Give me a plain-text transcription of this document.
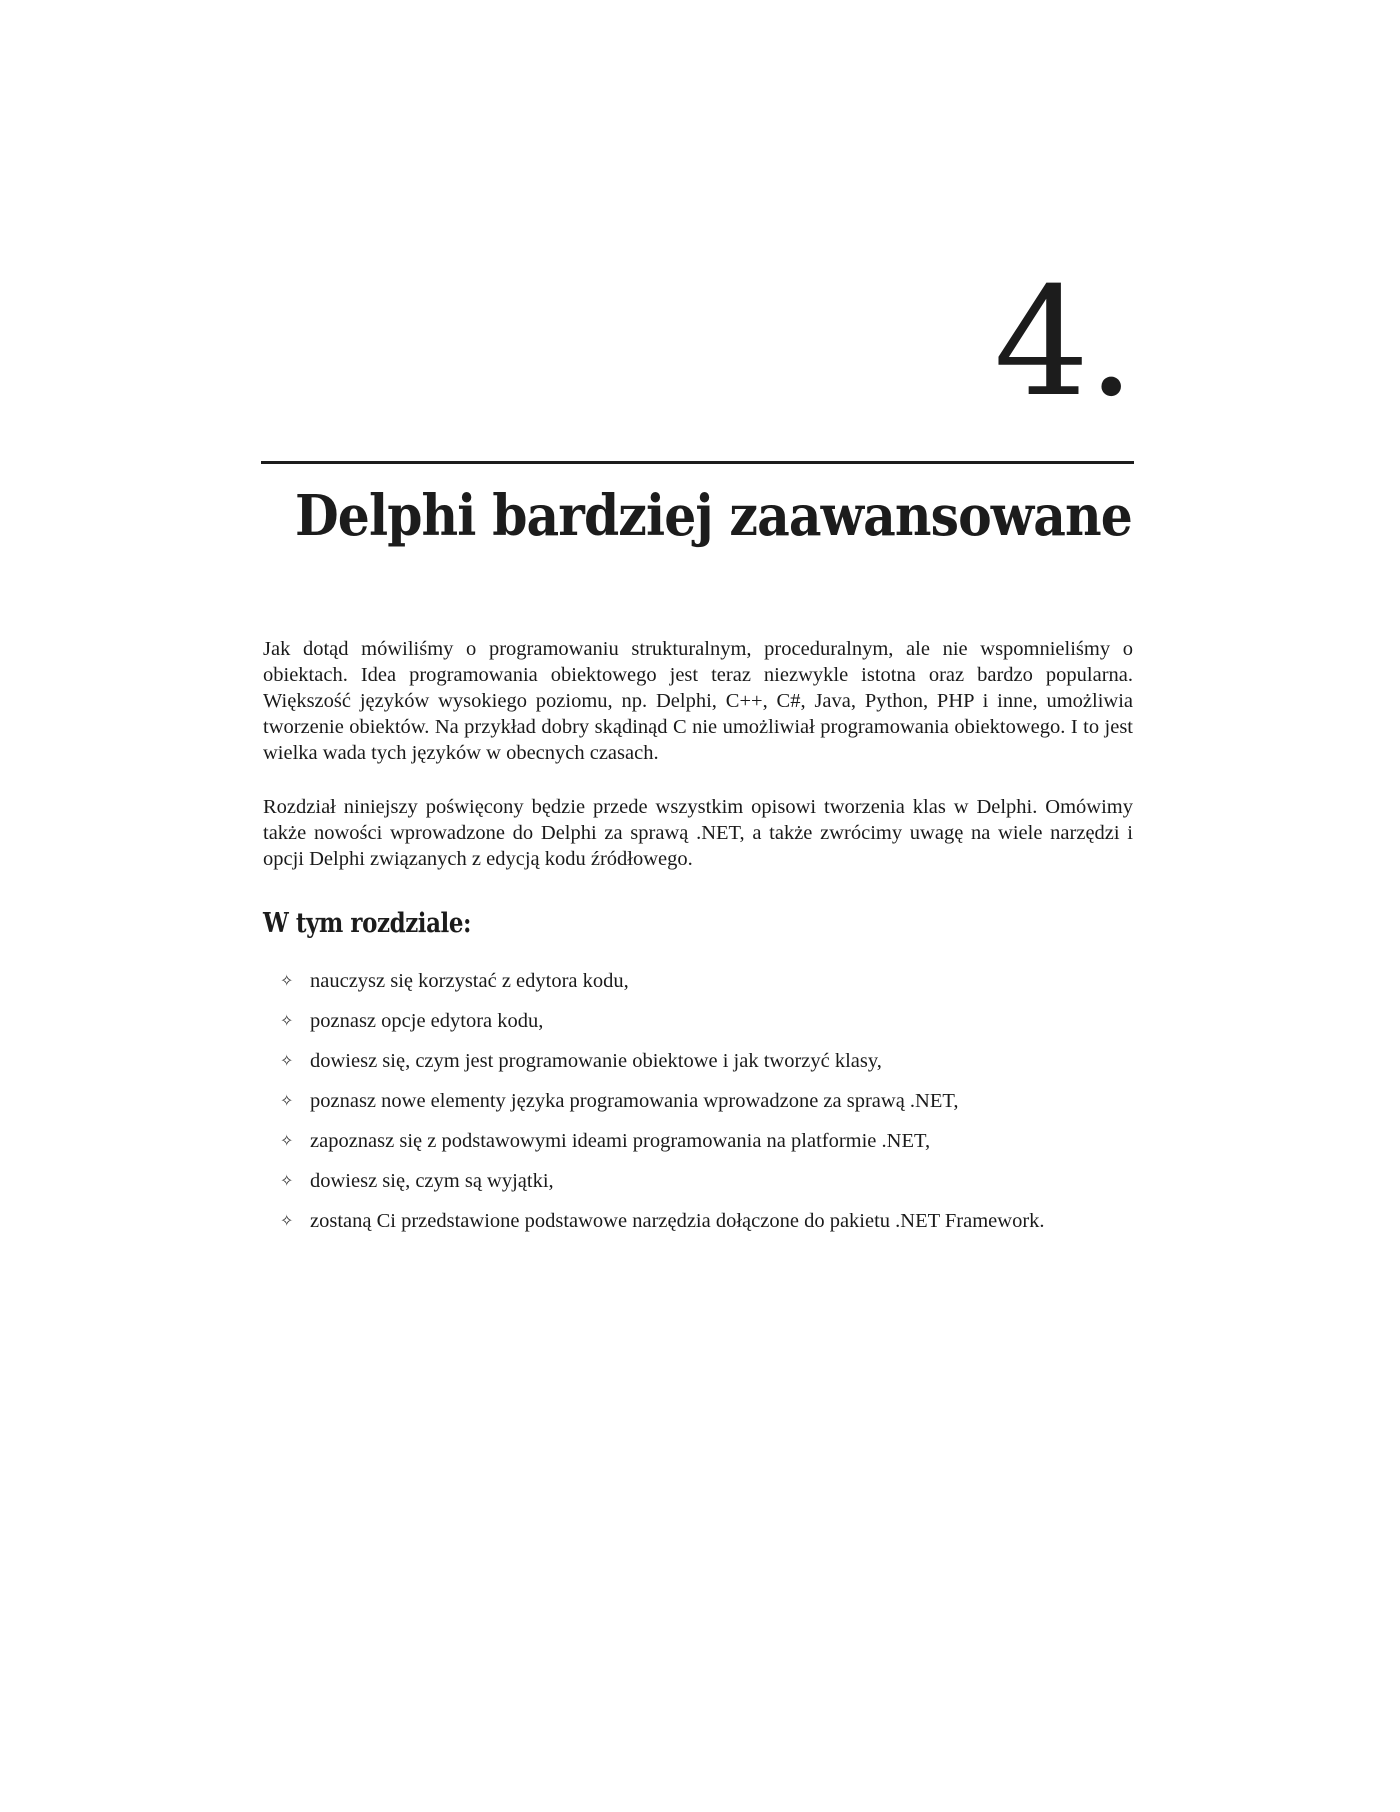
4.
Delphi bardziej zaawansowane

Jak dotąd mówiliśmy o programowaniu strukturalnym, proceduralnym, ale nie wspomnieliśmy o obiektach. Idea programowania obiektowego jest teraz niezwykle istotna oraz bardzo popularna. Większość języków wysokiego poziomu, np. Delphi, C++, C#, Java, Python, PHP i inne, umożliwia tworzenie obiektów. Na przykład dobry skądinąd C nie umożliwiał programowania obiektowego. I to jest wielka wada tych języków w obecnych czasach.

Rozdział niniejszy poświęcony będzie przede wszystkim opisowi tworzenia klas w Delphi. Omówimy także nowości wprowadzone do Delphi za sprawą .NET, a także zwrócimy uwagę na wiele narzędzi i opcji Delphi związanych z edycją kodu źródłowego.

W tym rozdziale:
✧ nauczysz się korzystać z edytora kodu,
✧ poznasz opcje edytora kodu,
✧ dowiesz się, czym jest programowanie obiektowe i jak tworzyć klasy,
✧ poznasz nowe elementy języka programowania wprowadzone za sprawą .NET,
✧ zapoznasz się z podstawowymi ideami programowania na platformie .NET,
✧ dowiesz się, czym są wyjątki,
✧ zostaną Ci przedstawione podstawowe narzędzia dołączone do pakietu .NET Framework.
